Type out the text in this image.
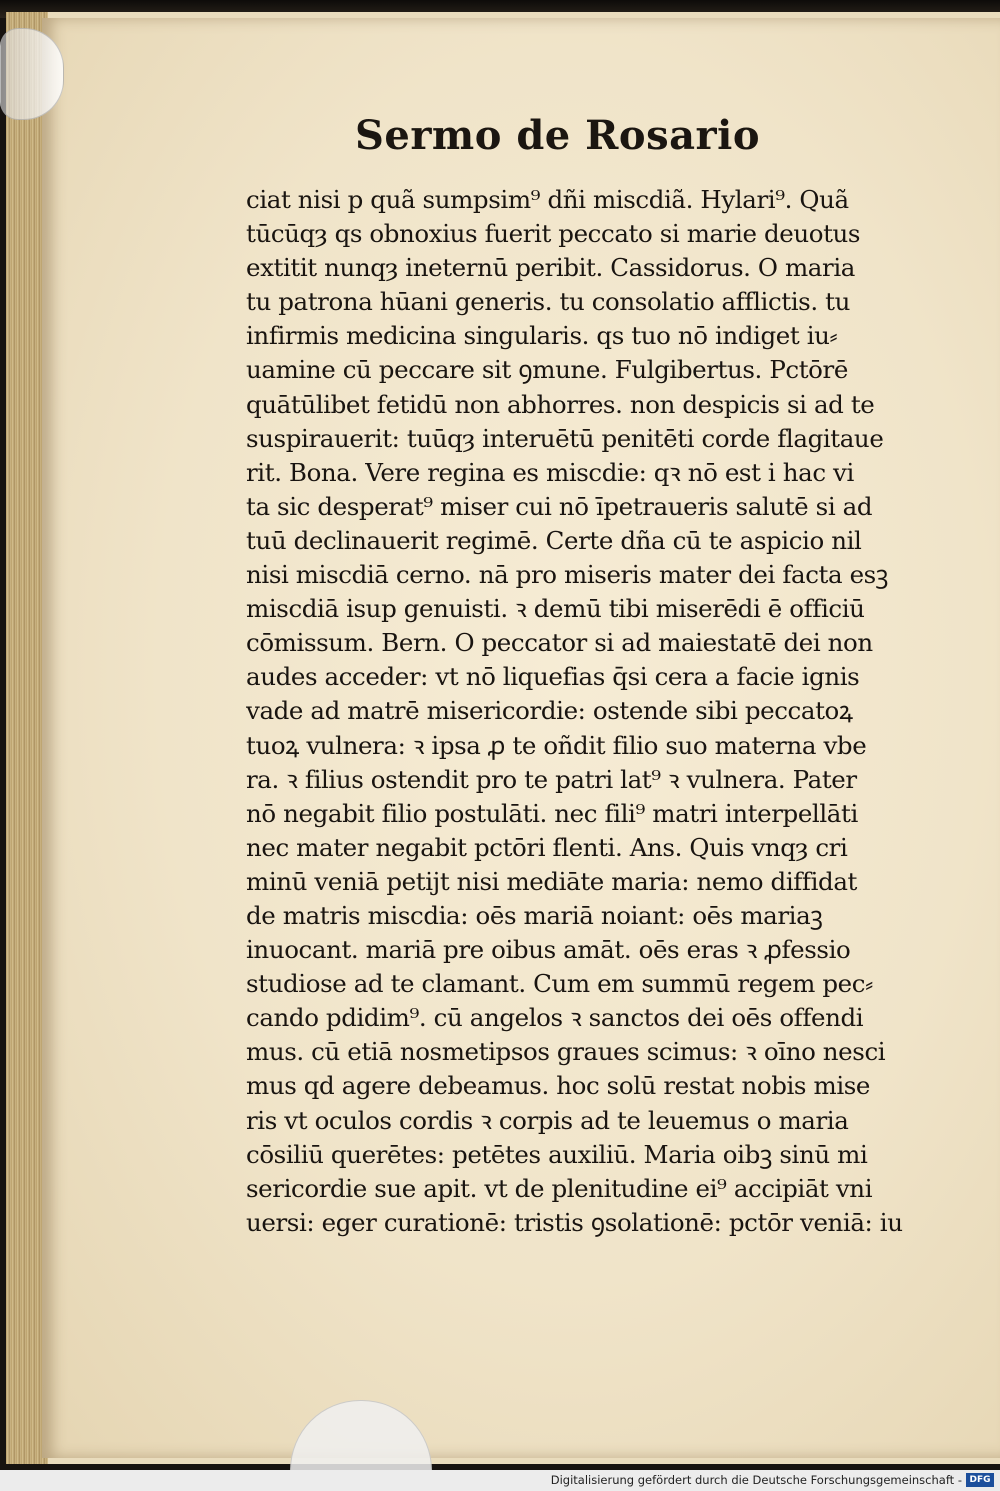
Sermo de Rosario
ciat nisi p quã sumpsim⁹ dñi miscdiã. Hylari⁹. Quã
tūcūqȝ qs obnoxius fuerit peccato si marie deuotus
extitit nunqȝ ineternū peribit. Cassidorus. O maria
tu patrona hūani generis. tu consolatio afflictis. tu
infirmis medicina singularis. qs tuo nō indiget iu⸗
uamine cū peccare sit ꝯmune. Fulgibertus. Pctōrē
quātūlibet fetidū non abhorres. non despicis si ad te
suspirauerit: tuūqȝ interuētū penitēti corde flagitaue
rit. Bona. Vere regina es miscdie: qꝛ nō est i hac vi
ta sic desperat⁹ miser cui nō īpetraueris salutē si ad
tuū declinauerit regimē. Certe dña cū te aspicio nil
nisi miscdiā cerno. nā pro miseris mater dei facta esꝫ
miscdiā isup genuisti. ꝛ demū tibi miserēdi ē officiū
cōmissum. Bern. O peccator si ad maiestatē dei non
audes acceder: vt nō liquefias q̄si cera a facie ignis
vade ad matrē misericordie: ostende sibi peccatoꝝ
tuoꝝ vulnera: ꝛ ipsa ꝓ te oñdit filio suo materna vbe
ra. ꝛ filius ostendit pro te patri lat⁹ ꝛ vulnera. Pater
nō negabit filio postulāti. nec fili⁹ matri interpellāti
nec mater negabit pctōri flenti. Ans. Quis vnqȝ cri
minū veniā petijt nisi mediāte maria: nemo diffidat
de matris miscdia: oēs mariā noiant: oēs mariaꝫ
inuocant. mariā pre oibus amāt. oēs eras ꝛ ꝓfessio
studiose ad te clamant. Cum em summū regem pec⸗
cando pdidim⁹. cū angelos ꝛ sanctos dei oēs offendi
mus. cū etiā nosmetipsos graues scimus: ꝛ oīno nesci
mus qd agere debeamus. hoc solū restat nobis mise
ris vt oculos cordis ꝛ corpis ad te leuemus o maria
cōsiliū querētes: petētes auxiliū. Maria oibꝫ sinū mi
sericordie sue apit. vt de plenitudine ei⁹ accipiāt vni
uersi: eger curationē: tristis ꝯsolationē: pctōr veniā: iu
Digitalisierung gefördert durch die Deutsche Forschungsgemeinschaft - DFG
